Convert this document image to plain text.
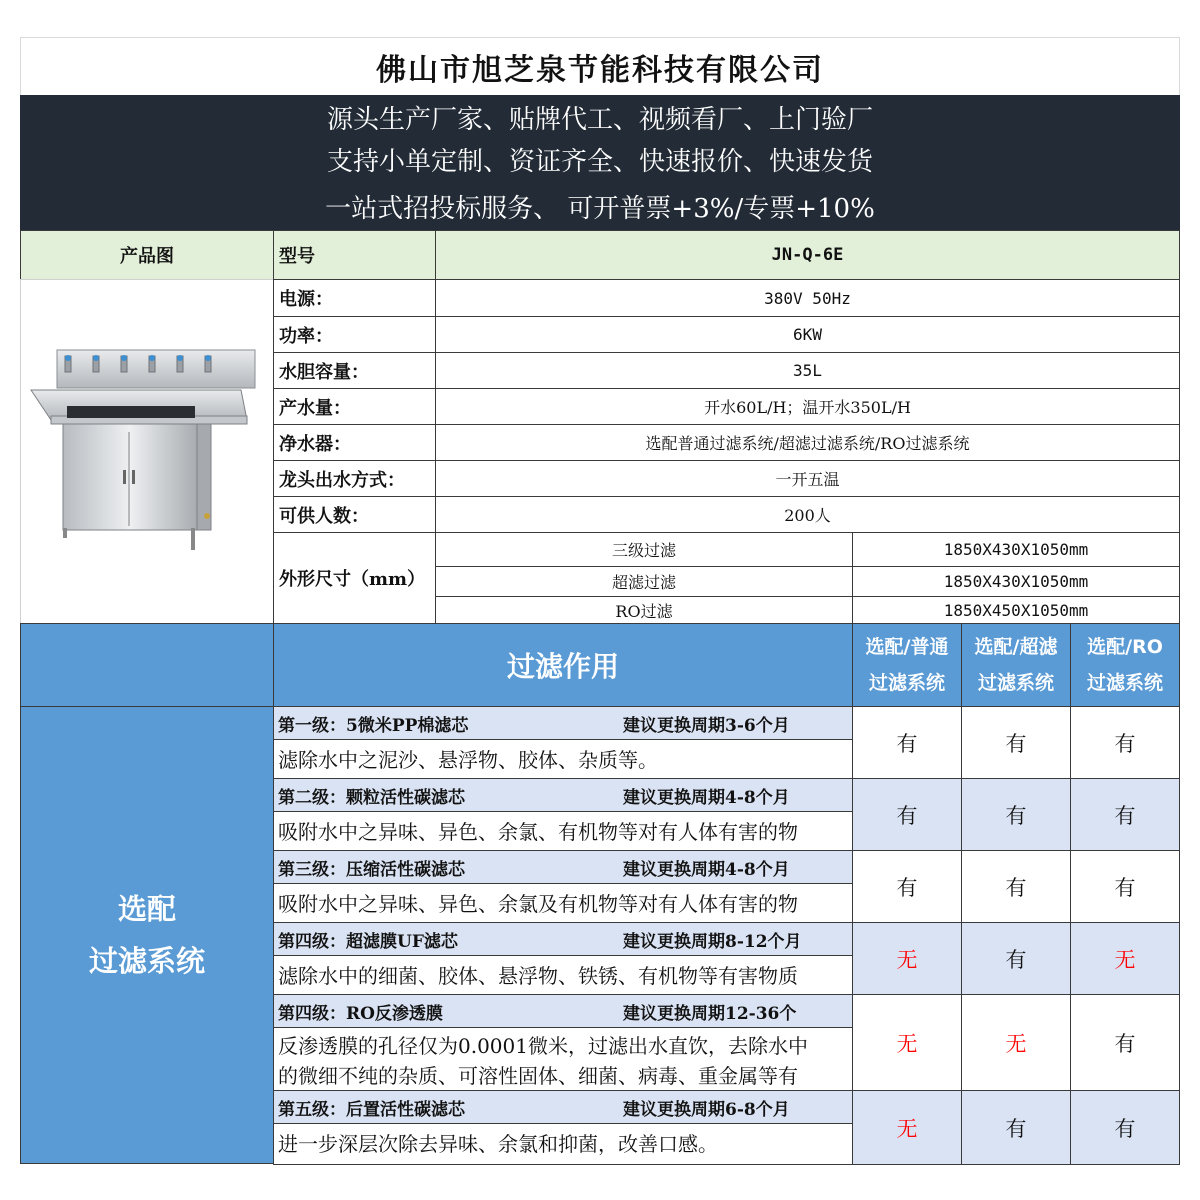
佛山市旭芝泉节能科技有限公司
源头生产厂家、贴牌代工、视频看厂、上门验厂
支持小单定制、资证齐全、快速报价、快速发货
一站式招投标服务、 可开普票+3%/专票+10%
产品图	型号	JN-Q-6E
电源：	380V 50Hz
功率：	6KW
水胆容量：	35L
产水量：	开水60L/H；温开水350L/H
净水器：	选配普通过滤系统/超滤过滤系统/RO过滤系统
龙头出水方式：	一开五温
可供人数：	200人
外形尺寸（mm）
三级过滤	1850X430X1050mm
超滤过滤	1850X430X1050mm
RO过滤	1850X450X1050mm
过滤作用
选配/普通
过滤系统
选配/超滤
过滤系统
选配/RO
过滤系统
选配
过滤系统
第一级：5微米PP棉滤芯	建议更换周期3-6个月
滤除水中之泥沙、悬浮物、胶体、杂质等。
有	有	有
第二级：颗粒活性碳滤芯	建议更换周期4-8个月
吸附水中之异味、异色、余氯、有机物等对有人体有害的物
有	有	有
第三级：压缩活性碳滤芯	建议更换周期4-8个月
吸附水中之异味、异色、余氯及有机物等对有人体有害的物
有	有	有
第四级：超滤膜UF滤芯	建议更换周期8-12个月
滤除水中的细菌、胶体、悬浮物、铁锈、有机物等有害物质
无	有	无
第四级：RO反渗透膜	建议更换周期12-36个
反渗透膜的孔径仅为0.0001微米，过滤出水直饮，去除水中
的微细不纯的杂质、可溶性固体、细菌、病毒、重金属等有
无	无	有
第五级：后置活性碳滤芯	建议更换周期6-8个月
进一步深层次除去异味、余氯和抑菌，改善口感。
无	有	有
